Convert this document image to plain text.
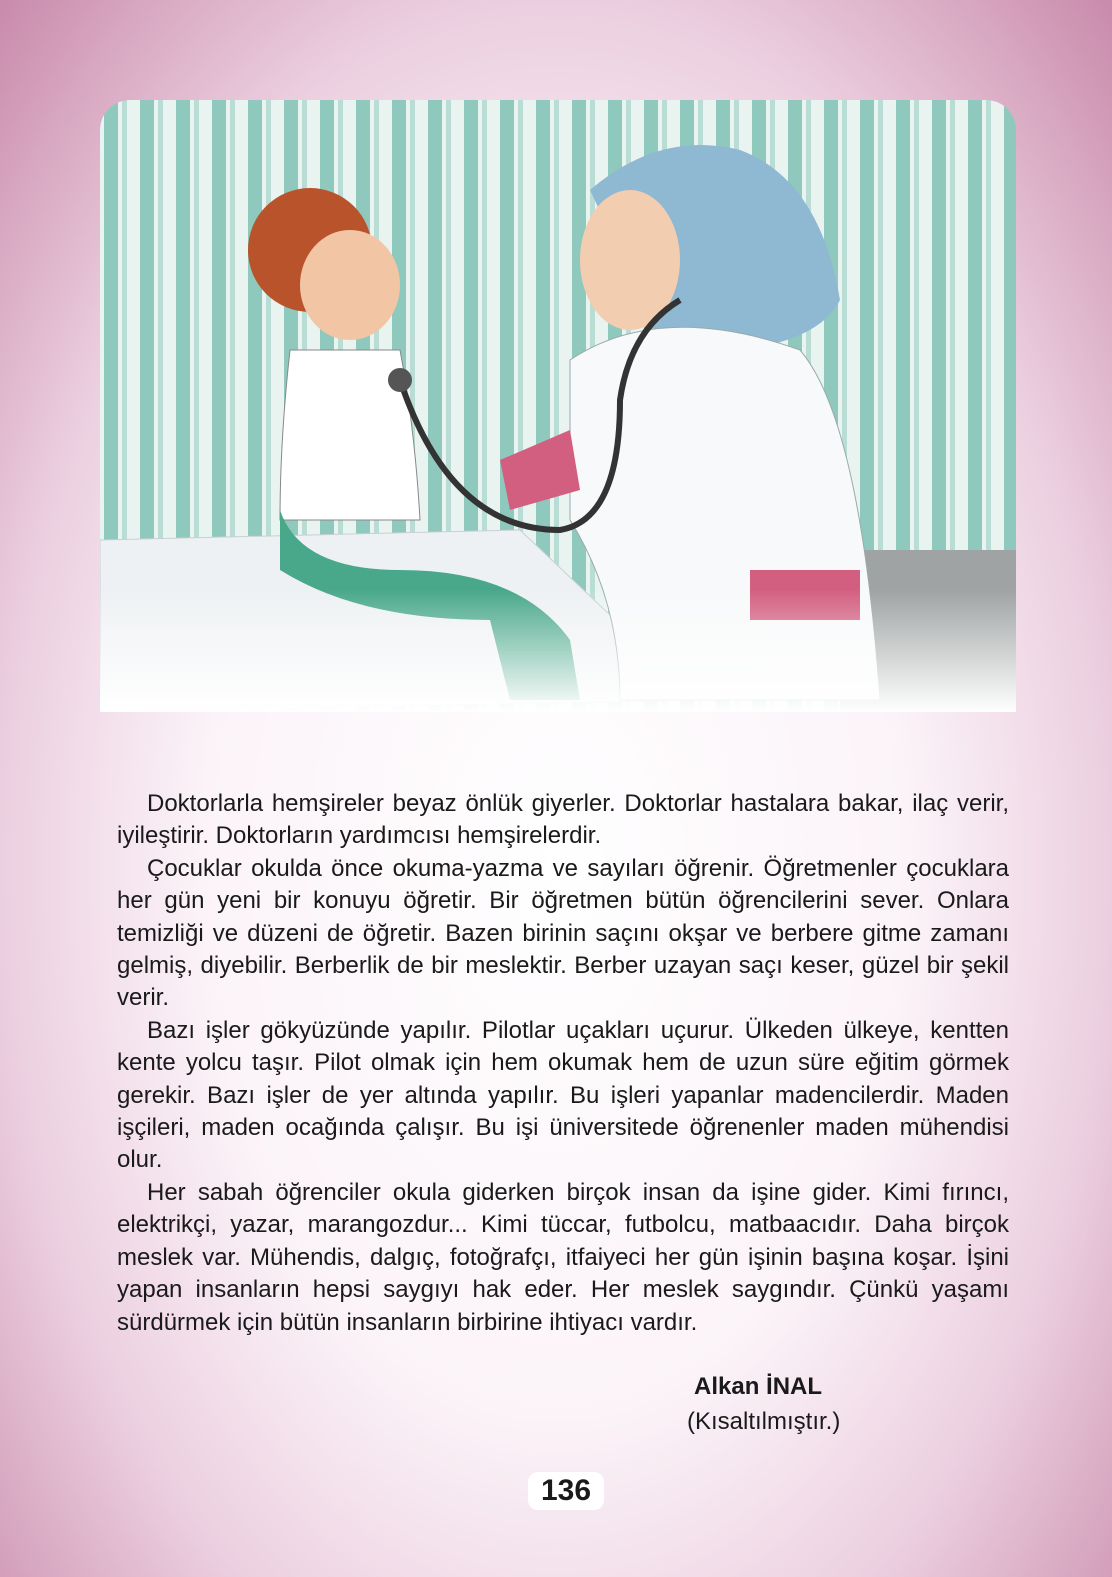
Doktorlarla hemşireler beyaz önlük giyerler. Doktorlar hastalara bakar, ilaç verir, iyileştirir. Doktorların yardımcısı hemşirelerdir.

Çocuklar okulda önce okuma-yazma ve sayıları öğrenir. Öğretmenler çocuklara her gün yeni bir konuyu öğretir. Bir öğretmen bütün öğrencilerini sever. Onlara temizliği ve düzeni de öğretir. Bazen birinin saçını okşar ve berbere gitme zamanı gelmiş, diyebilir. Berberlik de bir meslektir. Berber uzayan saçı keser, güzel bir şekil verir.

Bazı işler gökyüzünde yapılır. Pilotlar uçakları uçurur. Ülkeden ülkeye, kentten kente yolcu taşır. Pilot olmak için hem okumak hem de uzun süre eğitim görmek gerekir. Bazı işler de yer altında yapılır. Bu işleri yapanlar madencilerdir. Maden işçileri, maden ocağında çalışır. Bu işi üniversitede öğrenenler maden mühendisi olur.

Her sabah öğrenciler okula giderken birçok insan da işine gider. Kimi fırıncı, elektrikçi, yazar, marangozdur... Kimi tüccar, futbolcu, matbaacıdır. Daha birçok meslek var. Mühendis, dalgıç, fotoğrafçı, itfaiyeci her gün işinin başına koşar. İşini yapan insanların hepsi saygıyı hak eder. Her meslek saygındır. Çünkü yaşamı sürdürmek için bütün insanların birbirine ihtiyacı vardır.

Alkan İNAL
(Kısaltılmıştır.)
136
